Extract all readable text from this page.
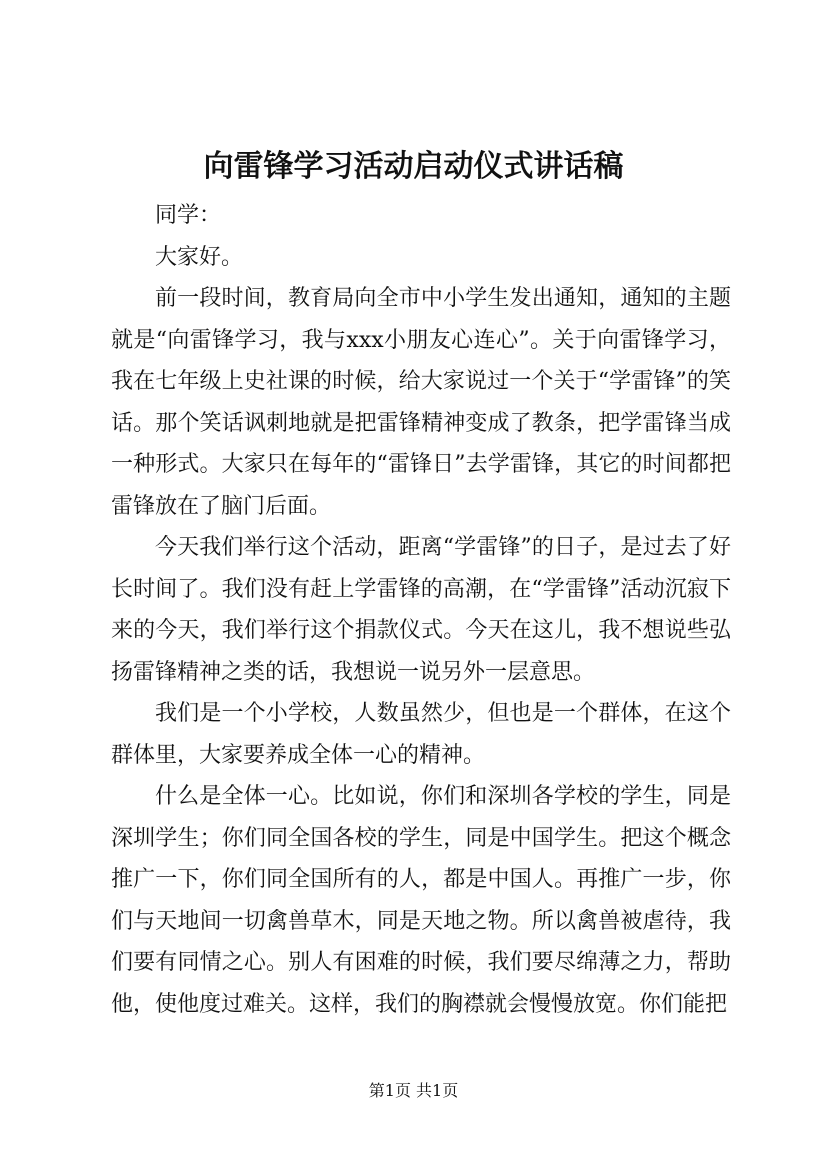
向雷锋学习活动启动仪式讲话稿

同学：

大家好。

前一段时间，教育局向全市中小学生发出通知，通知的主题就是“向雷锋学习，我与xxx小朋友心连心”。关于向雷锋学习，我在七年级上史社课的时候，给大家说过一个关于“学雷锋”的笑话。那个笑话讽刺地就是把雷锋精神变成了教条，把学雷锋当成一种形式。大家只在每年的“雷锋日”去学雷锋，其它的时间都把雷锋放在了脑门后面。

今天我们举行这个活动，距离“学雷锋”的日子，是过去了好长时间了。我们没有赶上学雷锋的高潮，在“学雷锋”活动沉寂下来的今天，我们举行这个捐款仪式。今天在这儿，我不想说些弘扬雷锋精神之类的话，我想说一说另外一层意思。

我们是一个小学校，人数虽然少，但也是一个群体，在这个群体里，大家要养成全体一心的精神。

什么是全体一心。比如说，你们和深圳各学校的学生，同是深圳学生；你们同全国各校的学生，同是中国学生。把这个概念推广一下，你们同全国所有的人，都是中国人。再推广一步，你们与天地间一切禽兽草木，同是天地之物。所以禽兽被虐待，我们要有同情之心。别人有困难的时候，我们要尽绵薄之力，帮助他，使他度过难关。这样，我们的胸襟就会慢慢放宽。你们能把

第1页 共1页
